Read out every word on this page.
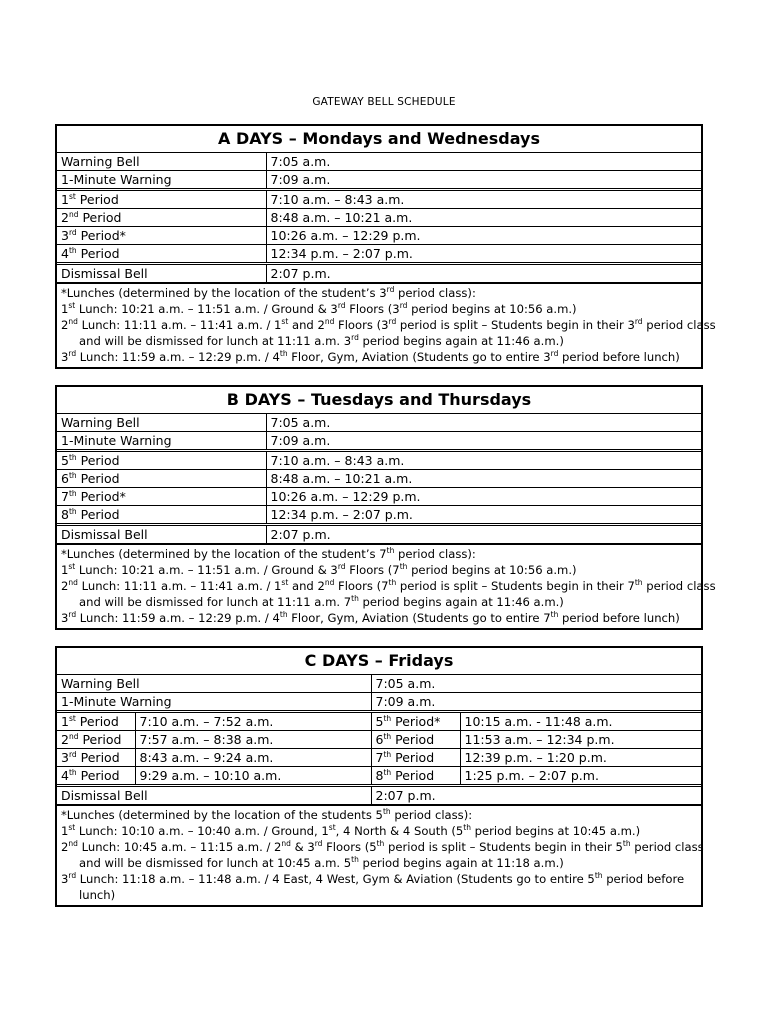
GATEWAY BELL SCHEDULE
A DAYS – Mondays and Wednesdays
Warning Bell	7:05 a.m.
1-Minute Warning	7:09 a.m.
1st Period	7:10 a.m. – 8:43 a.m.
2nd Period	8:48 a.m. – 10:21 a.m.
3rd Period*	10:26 a.m. – 12:29 p.m.
4th Period	12:34 p.m. – 2:07 p.m.
Dismissal Bell	2:07 p.m.
*Lunches (determined by the location of the student’s 3rd period class):
1st Lunch: 10:21 a.m. – 11:51 a.m. / Ground & 3rd Floors (3rd period begins at 10:56 a.m.)
2nd Lunch: 11:11 a.m. – 11:41 a.m. / 1st and 2nd Floors (3rd period is split – Students begin in their 3rd period class
and will be dismissed for lunch at 11:11 a.m. 3rd period begins again at 11:46 a.m.)
3rd Lunch: 11:59 a.m. – 12:29 p.m. / 4th Floor, Gym, Aviation (Students go to entire 3rd period before lunch)
B DAYS – Tuesdays and Thursdays
Warning Bell	7:05 a.m.
1-Minute Warning	7:09 a.m.
5th Period	7:10 a.m. – 8:43 a.m.
6th Period	8:48 a.m. – 10:21 a.m.
7th Period*	10:26 a.m. – 12:29 p.m.
8th Period	12:34 p.m. – 2:07 p.m.
Dismissal Bell	2:07 p.m.
*Lunches (determined by the location of the student’s 7th period class):
1st Lunch: 10:21 a.m. – 11:51 a.m. / Ground & 3rd Floors (7th period begins at 10:56 a.m.)
2nd Lunch: 11:11 a.m. – 11:41 a.m. / 1st and 2nd Floors (7th period is split – Students begin in their 7th period class
and will be dismissed for lunch at 11:11 a.m. 7th period begins again at 11:46 a.m.)
3rd Lunch: 11:59 a.m. – 12:29 p.m. / 4th Floor, Gym, Aviation (Students go to entire 7th period before lunch)
C DAYS – Fridays
Warning Bell		7:05 a.m.	
1-Minute Warning		7:09 a.m.	
1st Period	7:10 a.m. – 7:52 a.m.	5th Period*	10:15 a.m. - 11:48 a.m.
2nd Period	7:57 a.m. – 8:38 a.m.	6th Period	11:53 a.m. – 12:34 p.m.
3rd Period	8:43 a.m. – 9:24 a.m.	7th Period	12:39 p.m. – 1:20 p.m.
4th Period	9:29 a.m. – 10:10 a.m.	8th Period	1:25 p.m. – 2:07 p.m.
Dismissal Bell		2:07 p.m.	
*Lunches (determined by the location of the students 5th period class):
1st Lunch: 10:10 a.m. – 10:40 a.m. / Ground, 1st, 4 North & 4 South (5th period begins at 10:45 a.m.)
2nd Lunch: 10:45 a.m. – 11:15 a.m. / 2nd & 3rd Floors (5th period is split – Students begin in their 5th period class
and will be dismissed for lunch at 10:45 a.m. 5th period begins again at 11:18 a.m.)
3rd Lunch: 11:18 a.m. – 11:48 a.m. / 4 East, 4 West, Gym & Aviation (Students go to entire 5th period before
lunch)
